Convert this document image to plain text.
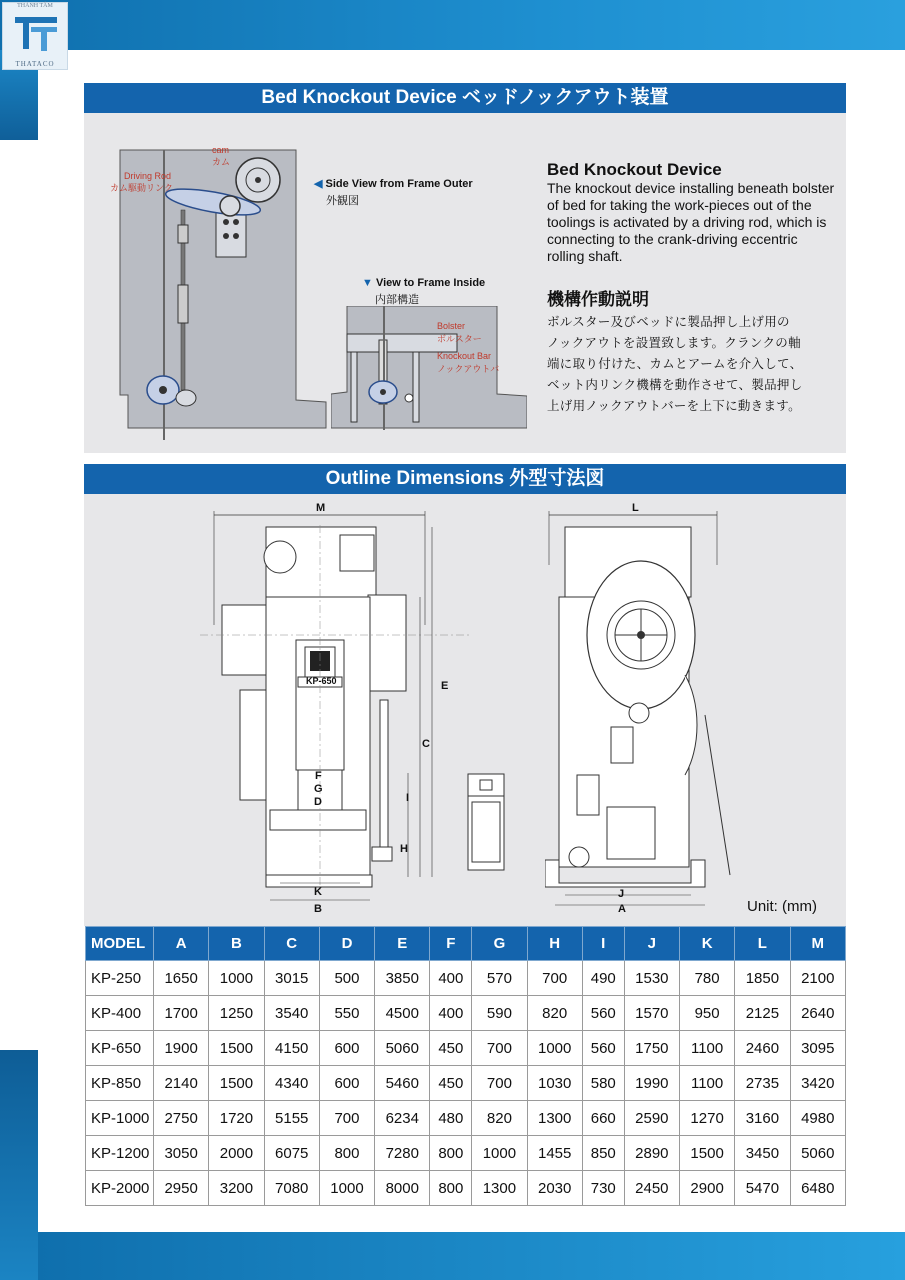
THÀNH TÂM
THATACO
Bed Knockout Device ベッドノックアウト装置
cam
カム
Driving Rod
カム駆動リンク	◀ Side View from Frame Outer
外観図
▼ View to Frame Inside
内部構造
Bolster
ボルスター
Knockout Bar
ノックアウトバ
Bed Knockout Device
The knockout device installing beneath bolster of bed for taking the work-pieces out of the toolings is activated by a driving rod, which is connecting to the crank-driving eccentric rolling shaft.
機構作動説明
ボルスター及びベッドに製品押し上げ用の
ノックアウトを設置致します。クランクの軸
端に取り付けた、カムとアームを介入して、
ベット内リンク機構を動作させて、製品押し
上げ用ノックアウトバーを上下に動きます。
Outline Dimensions 外型寸法図
M
E
C
F
G
D	I
H
K
B
KP-650
L
J
A	Unit: (mm)
MODEL	A	B	C	D	E	F	G	H	I	J	K	L	M
KP-250	1650	1000	3015	500	3850	400	570	700	490	1530	780	1850	2100
KP-400	1700	1250	3540	550	4500	400	590	820	560	1570	950	2125	2640
KP-650	1900	1500	4150	600	5060	450	700	1000	560	1750	1100	2460	3095
KP-850	2140	1500	4340	600	5460	450	700	1030	580	1990	1100	2735	3420
KP-1000	2750	1720	5155	700	6234	480	820	1300	660	2590	1270	3160	4980
KP-1200	3050	2000	6075	800	7280	800	1000	1455	850	2890	1500	3450	5060
KP-2000	2950	3200	7080	1000	8000	800	1300	2030	730	2450	2900	5470	6480
